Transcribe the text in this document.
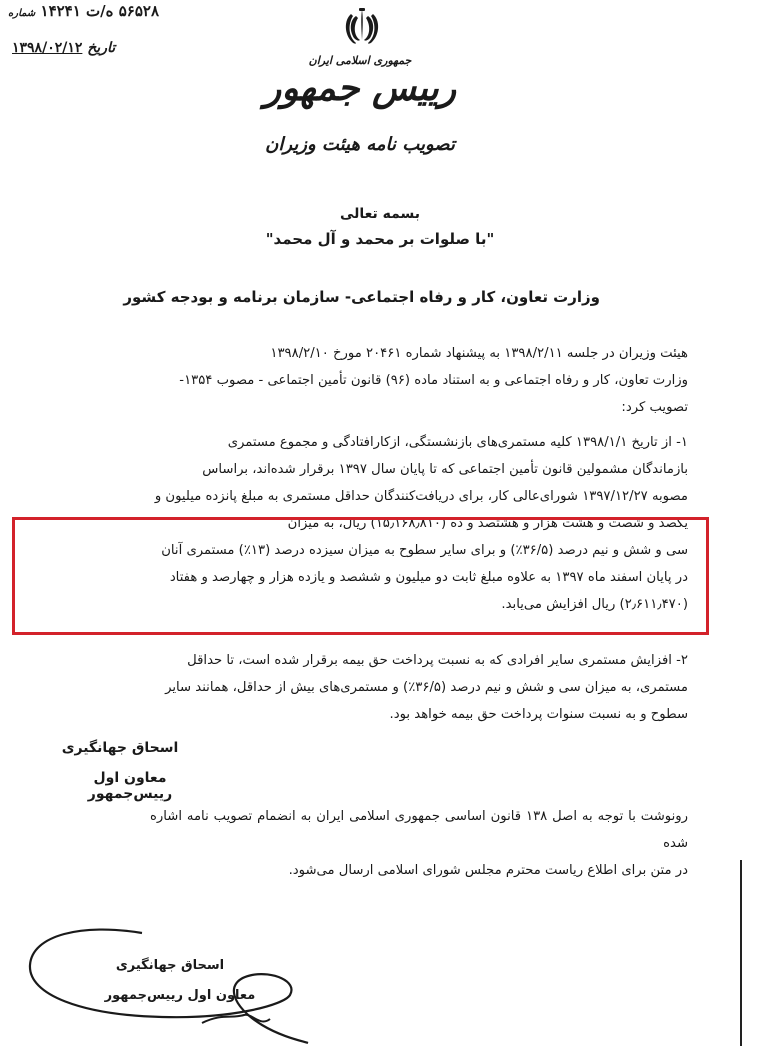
۵۶۵۲۸ ه/ت ۱۴۲۴۱ شماره
تاریخ ۱۳۹۸/۰۲/۱۲
جمهوری اسلامی ایران
رییس جمهور
تصویب نامه هیئت وزیران
بسمه تعالی
"با صلوات بر محمد و آل محمد"
وزارت تعاون، کار و رفاه اجتماعی- سازمان برنامه و بودجه کشور
هیئت وزیران در جلسه ۱۳۹۸/۲/۱۱ به پیشنهاد شماره ۲۰۴۶۱ مورخ ۱۳۹۸/۲/۱۰
وزارت تعاون، کار و رفاه اجتماعی و به استناد ماده (۹۶) قانون تأمین اجتماعی - مصوب ۱۳۵۴-
تصویب کرد:
۱- از تاریخ ۱۳۹۸/۱/۱ کلیه مستمری‌های بازنشستگی، ازکارافتادگی و مجموع مستمری
بازماندگان مشمولین قانون تأمین اجتماعی که تا پایان سال ۱۳۹۷ برقرار شده‌اند، براساس
مصوبه ۱۳۹۷/۱۲/۲۷ شورای‌عالی کار، برای دریافت‌کنندگان حداقل مستمری به مبلغ پانزده میلیون و
یکصد و شصت و هشت هزار و هشتصد و ده (۱۵٫۱۶۸٫۸۱۰) ریال، به میزان
سی و شش و نیم درصد (۳۶/۵٪) و برای سایر سطوح به میزان سیزده درصد (۱۳٪) مستمری آنان
در پایان اسفند ماه ۱۳۹۷ به علاوه مبلغ ثابت دو میلیون و ششصد و یازده هزار و چهارصد و هفتاد
(۲٫۶۱۱٫۴۷۰) ریال افزایش می‌یابد.
۲- افزایش مستمری سایر افرادی که به نسبت پرداخت حق بیمه برقرار شده است، تا حداقل
مستمری، به میزان سی و شش و نیم درصد (۳۶/۵٪) و مستمری‌های بیش از حداقل، همانند سایر
سطوح و به نسبت سنوات پرداخت حق بیمه خواهد بود.
اسحاق جهانگیری
معاون اول رییس‌جمهور
رونوشت با توجه به اصل ۱۳۸ قانون اساسی جمهوری اسلامی ایران به انضمام تصویب نامه اشاره شده
در متن برای اطلاع ریاست محترم مجلس شورای اسلامی ارسال می‌شود.
اسحاق جهانگیری
معاون اول رییس‌جمهور
